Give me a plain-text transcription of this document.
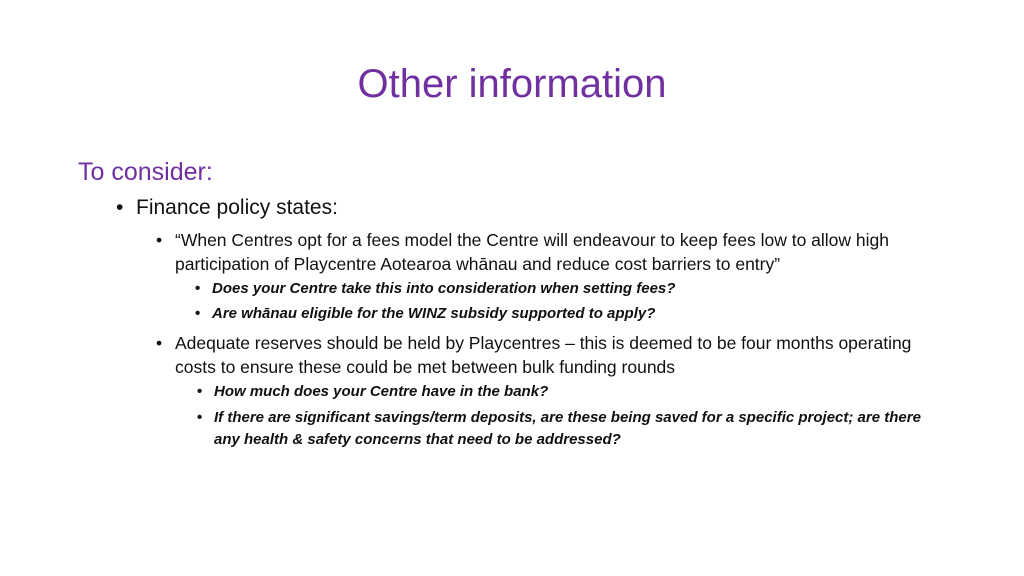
Other information
To consider:
• Finance policy states:
• “When Centres opt for a fees model the Centre will endeavour to keep fees low to allow high participation of Playcentre Aotearoa whānau and reduce cost barriers to entry”
• Does your Centre take this into consideration when setting fees?
• Are whānau eligible for the WINZ subsidy supported to apply?
• Adequate reserves should be held by Playcentres – this is deemed to be four months operating costs to ensure these could be met between bulk funding rounds
• How much does your Centre have in the bank?
• If there are significant savings/term deposits, are these being saved for a specific project; are there any health & safety concerns that need to be addressed?
